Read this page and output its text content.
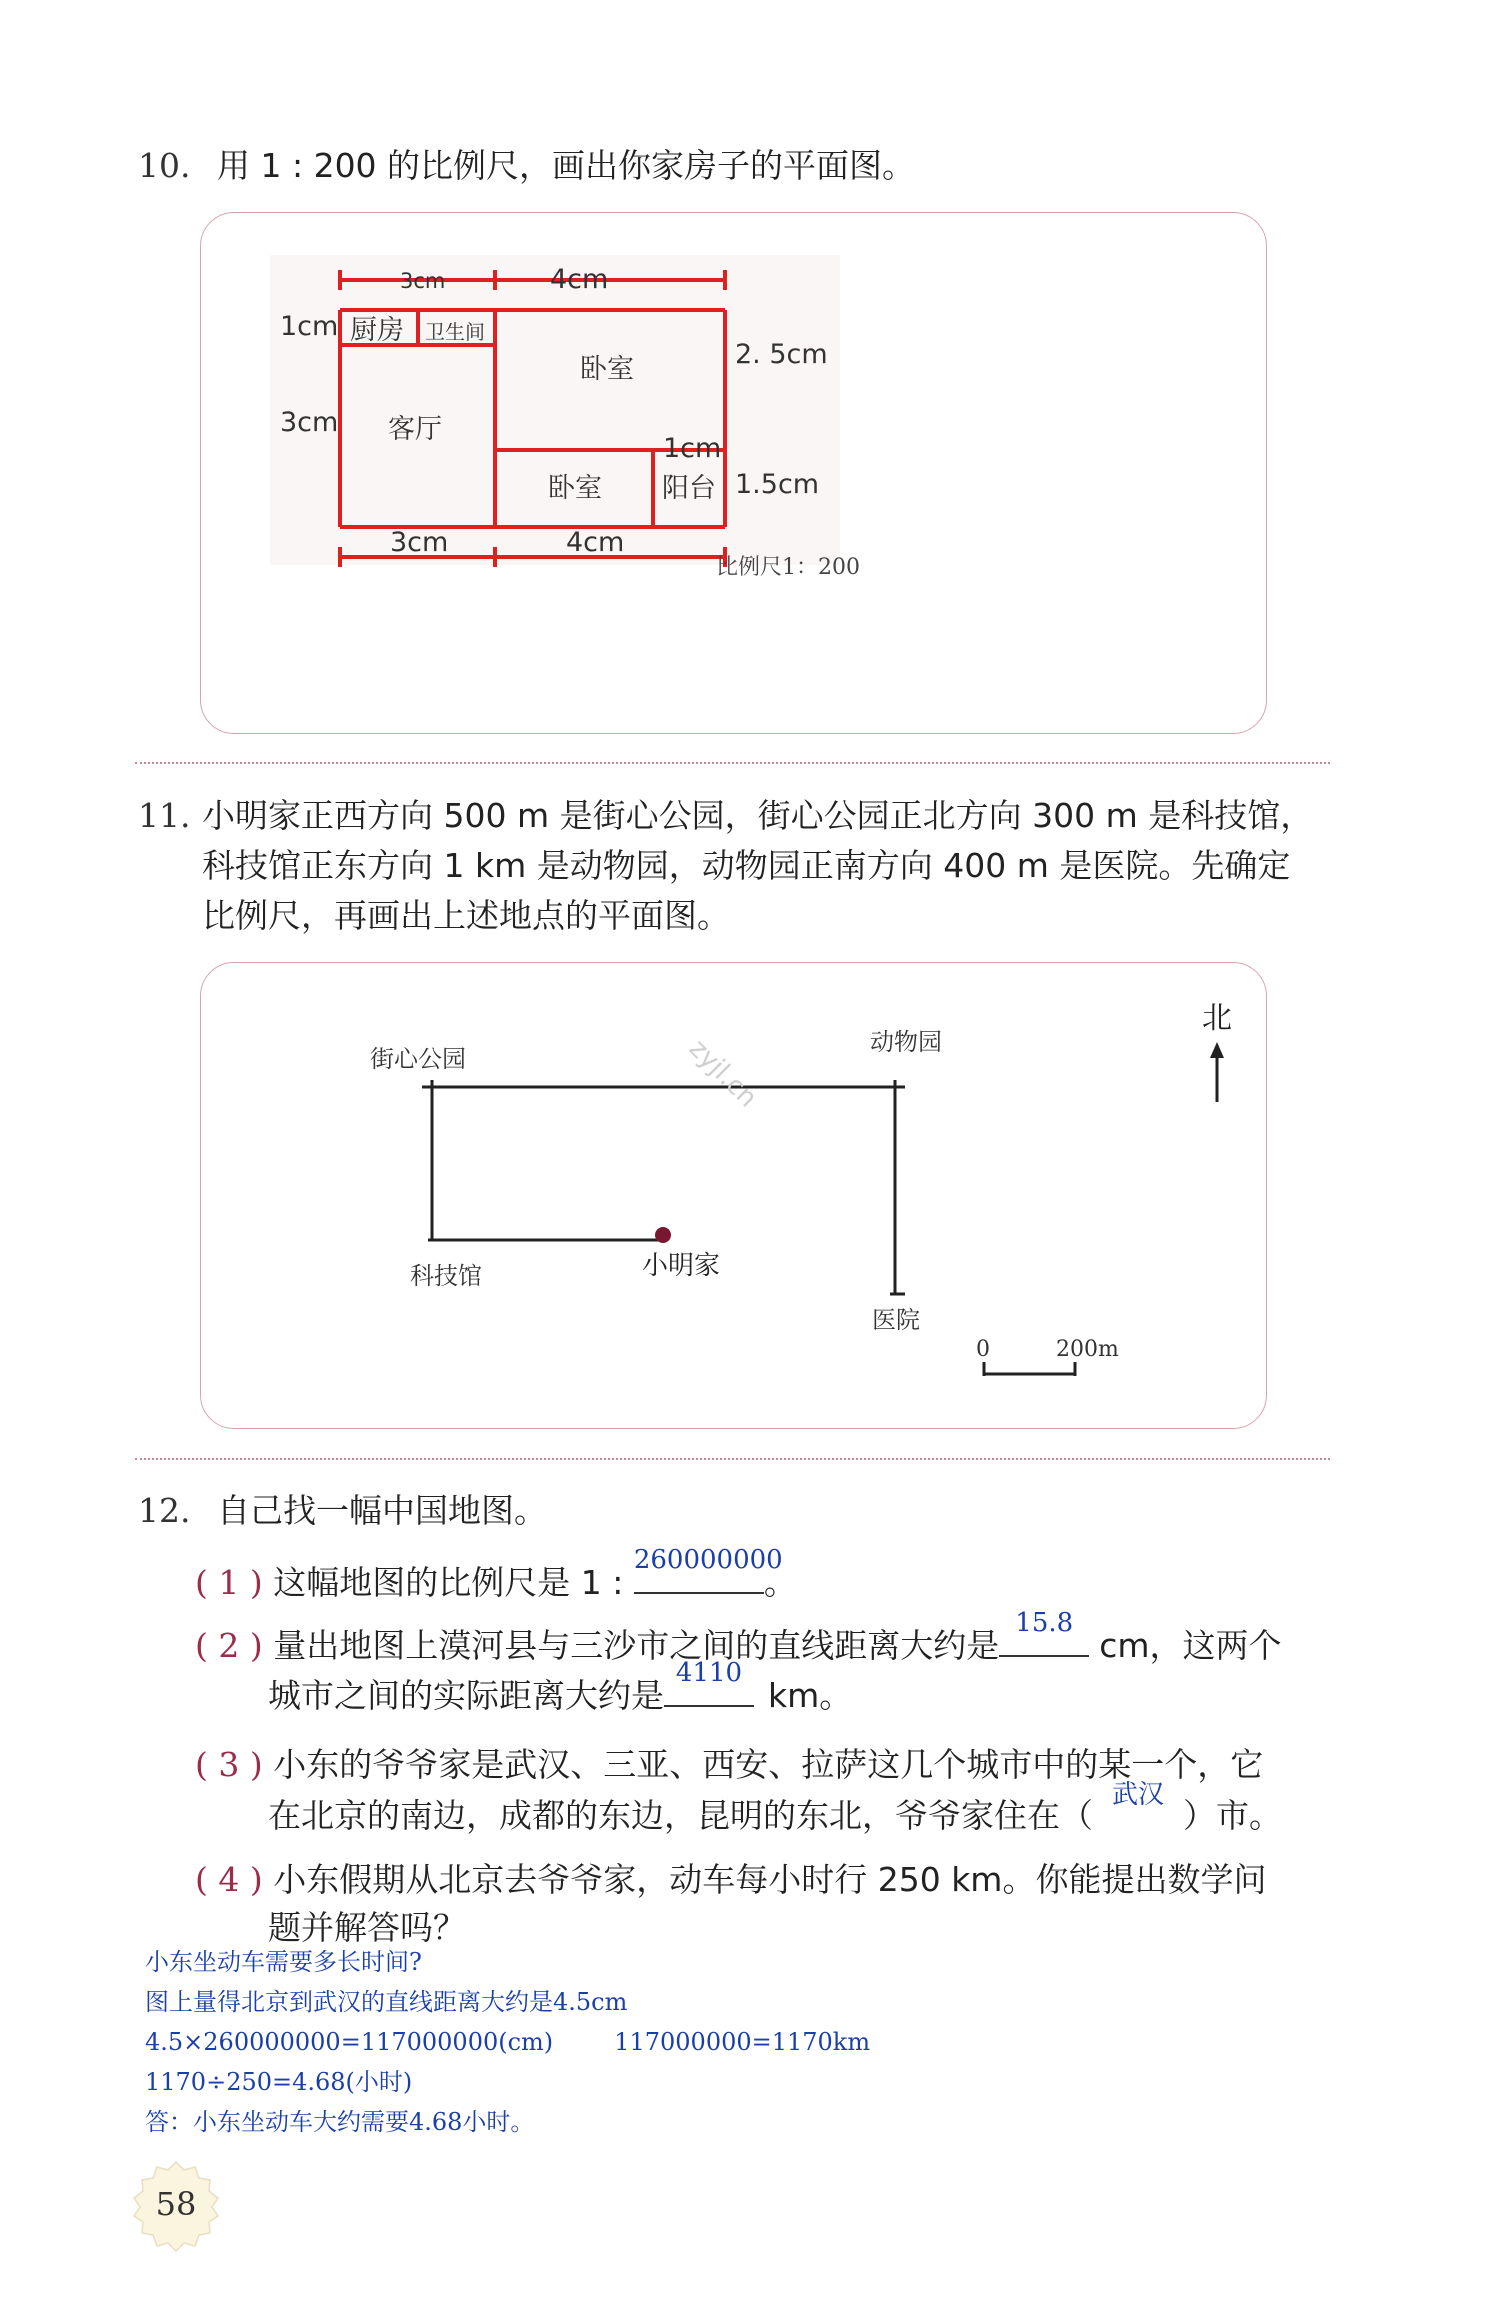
10. 用 1 : 200 的比例尺，画出你家房子的平面图。
厨房 卫生间
卧室
客厅
卧室 阳台
3cm	4cm
1cm
3cm
2. 5cm
1cm
1.5cm
3cm	4cm
比例尺1：200
11. 小明家正西方向 500 m 是街心公园，街心公园正北方向 300 m 是科技馆，
科技馆正东方向 1 km 是动物园，动物园正南方向 400 m 是医院。先确定
比例尺，再画出上述地点的平面图。
街心公园
动物园
科技馆	小明家
医院
北
0	200m
zyjl.cn
12. 自己找一幅中国地图。
( 1 ) 这幅地图的比例尺是 1 :
260000000
。
( 2 ) 量出地图上漠河县与三沙市之间的直线距离大约是
15.8
cm，这两个
城市之间的实际距离大约是
4110
km。
( 3 ) 小东的爷爷家是武汉、三亚、西安、拉萨这几个城市中的某一个，它
在北京的南边，成都的东边，昆明的东北，爷爷家住在（
武汉
）市。
( 4 ) 小东假期从北京去爷爷家，动车每小时行 250 km。你能提出数学问
题并解答吗？
小东坐动车需要多长时间?
图上量得北京到武汉的直线距离大约是4.5cm
4.5×260000000=117000000(cm)        117000000=1170km
1170÷250=4.68(小时)
答：小东坐动车大约需要4.68小时。
58
